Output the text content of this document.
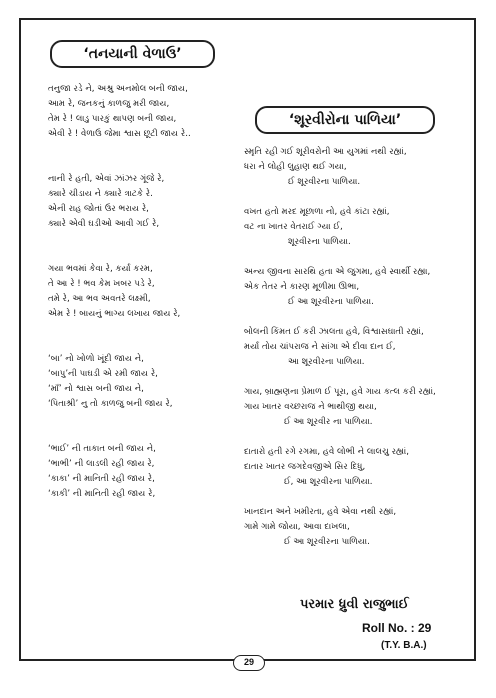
‘તનયાની વેળાઉ’

તનુજા રડે ને, અશ્રુ અનમોલ બની જાય,

આમ રે, જનકનું કાળજુ મરી જાય,

તેમ રે ! લાડુ પારકું થાપણ બની જાય,

એવી રે ! વેળાઉ જેમા શ્વાસ છૂટી જાય રે..

નાની રે હતી, એવાં ઝાંઝર ગૂંજે રે,

ક્યારે ચીડાય ને ક્યારે ત્રાટકે રે.

એની રાહ જોતાં ઉર ભરાય રે,

ક્યારે એવી ઘડીઓ આવી ગઈ રે,

ગયા ભવમાં કેવા રે, કર્યા કરમ,

તે આ રે ! ભવ કેમ ખબર પડે રે,

તમે રે, આ ભવ અવતરે લક્ષ્મી,

એમ રે ! બાયનું ભાગ્ય લખાય જાય રે,

‘બા’ નો ખોળો ખૂંદી જાય ને,

‘બાપુ’ની પાઘડી એ રમી જાય રે,

‘માઁ’ નો શ્વાસ બની જાય ને,

‘પિતાશ્રી’ નુ તો કાળજુ બની જાય રે,

‘ભાઈ’ ની તાકાત બની જાય ને,

‘ભાભી’ ની લાડલી રહી જાય રે,

‘કાકા’ ની માનિતી રહી જાય રે,

‘કાકી’ ની માનિતી રહી જાય રે,

‘શૂરવીરોના પાળિયા’

સ્મૃતિ રહી ગઈ શૂરીવરોની આ યુગમાં નથી રહ્યાં,

ધરા ને લોહી લુહાણ થઈ ગયા,

ઈ શૂરવીરના પાળિયા.

વખત હતો મરદ મૂછાળા નો, હવે કાંટા રહ્યાં,

વટ ના ખાતર વેતરાઈ ગ્યા ઈ,

શૂરવીરના પાળિયા.

અન્ય જીવના સારથિ હતા એ જુગમા, હવે સ્વાર્થી રહ્યા,

એક તેતર ને કારણ મૂળીમા ઊભા,

ઈ આ શૂરવીરના પાળિયા.

બોલની કિંમત ઈ કરી ઝાલતા હવે, વિશ્વાસઘાતી રહ્યાં,

મર્યા તોય ચાંપરાજ ને સાંગા એ દીવા દાન ઈ,

આ શૂરવીરના પાળિયા.

ગાય, બ્રાહ્મણના પ્રેમાળ ઈ પૂરા, હવે ગાય કત્લ કરી રહ્યાં,

ગાય ખાતર વચ્છરાજ ને ભાથીજી થયા,

ઈ આ શૂરવીર ના પાળિયા.

દાતારો હતી રગે રગમા, હવે લોભી ને લાલચુ રહ્યાં,

દાતાર ખાતર જગદેવજીએ સિર દિધુ,

ઈ, આ શૂરવીરના પાળિયા.

ખાનદાન અને ખમીરતા, હવે એવા નથી રહ્યાં,

ગામે ગામે જોયા, આવા દાખલા,

ઈ આ શૂરવીરના પાળિયા.

પરમાર ધ્રુવી રાજુભાઈ
Roll No. : 29
(T.Y. B.A.)
29
